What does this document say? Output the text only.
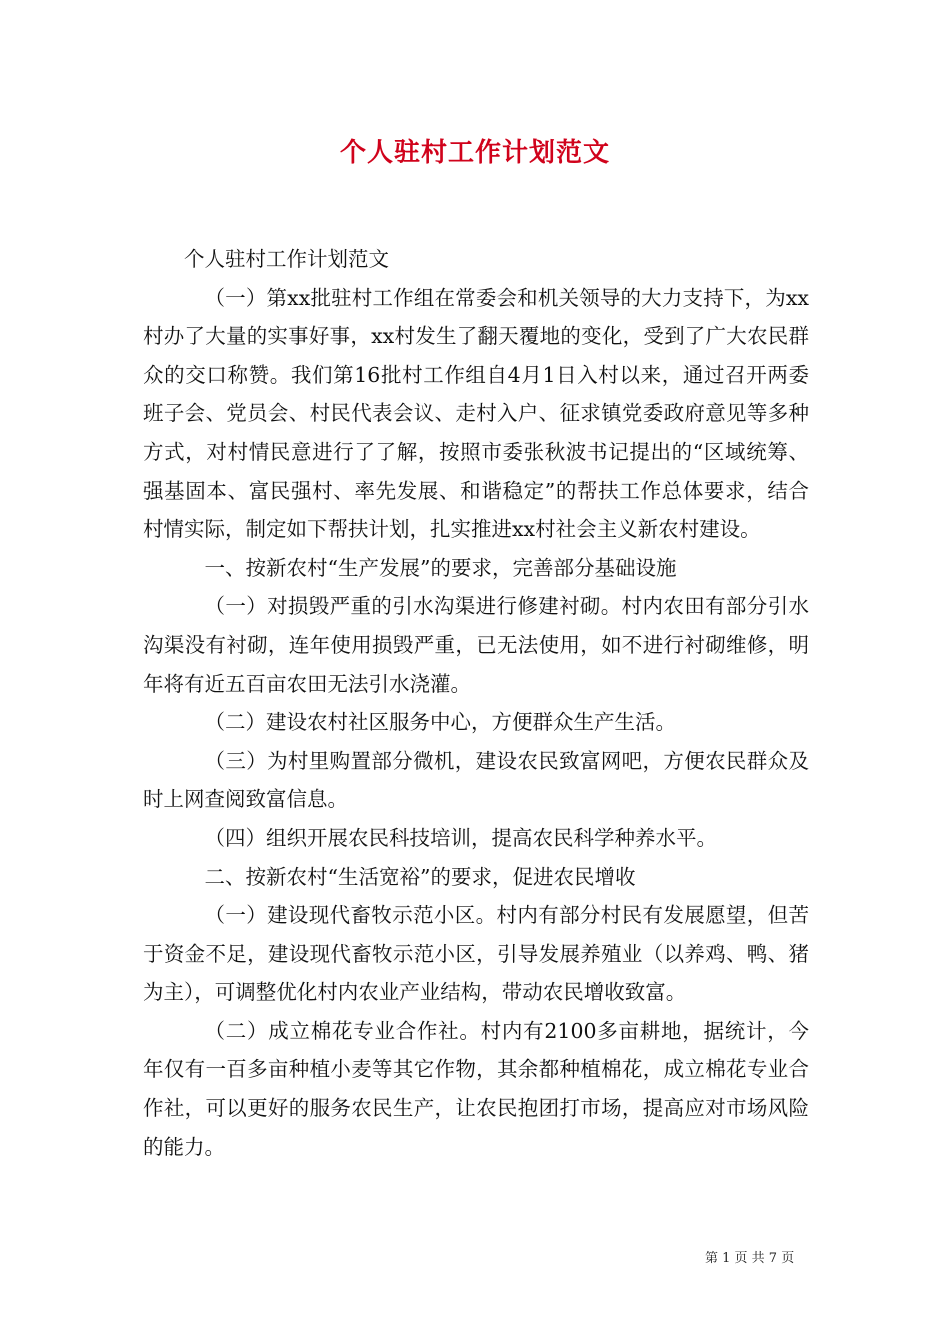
个人驻村工作计划范文

个人驻村工作计划范文

（一）第xx批驻村工作组在常委会和机关领导的大力支持下，为xx村办了大量的实事好事，xx村发生了翻天覆地的变化，受到了广大农民群众的交口称赞。我们第16批村工作组自4月1日入村以来，通过召开两委班子会、党员会、村民代表会议、走村入户、征求镇党委政府意见等多种方式，对村情民意进行了了解，按照市委张秋波书记提出的“区域统筹、强基固本、富民强村、率先发展、和谐稳定”的帮扶工作总体要求，结合村情实际，制定如下帮扶计划，扎实推进xx村社会主义新农村建设。

一、按新农村“生产发展”的要求，完善部分基础设施

（一）对损毁严重的引水沟渠进行修建衬砌。村内农田有部分引水沟渠没有衬砌，连年使用损毁严重，已无法使用，如不进行衬砌维修，明年将有近五百亩农田无法引水浇灌。

（二）建设农村社区服务中心，方便群众生产生活。

（三）为村里购置部分微机，建设农民致富网吧，方便农民群众及时上网查阅致富信息。

（四）组织开展农民科技培训，提高农民科学种养水平。

二、按新农村“生活宽裕”的要求，促进农民增收

（一）建设现代畜牧示范小区。村内有部分村民有发展愿望，但苦于资金不足，建设现代畜牧示范小区，引导发展养殖业（以养鸡、鸭、猪为主），可调整优化村内农业产业结构，带动农民增收致富。

（二）成立棉花专业合作社。村内有2100多亩耕地，据统计，今年仅有一百多亩种植小麦等其它作物，其余都种植棉花，成立棉花专业合作社，可以更好的服务农民生产，让农民抱团打市场，提高应对市场风险的能力。

第 1 页 共 7 页
